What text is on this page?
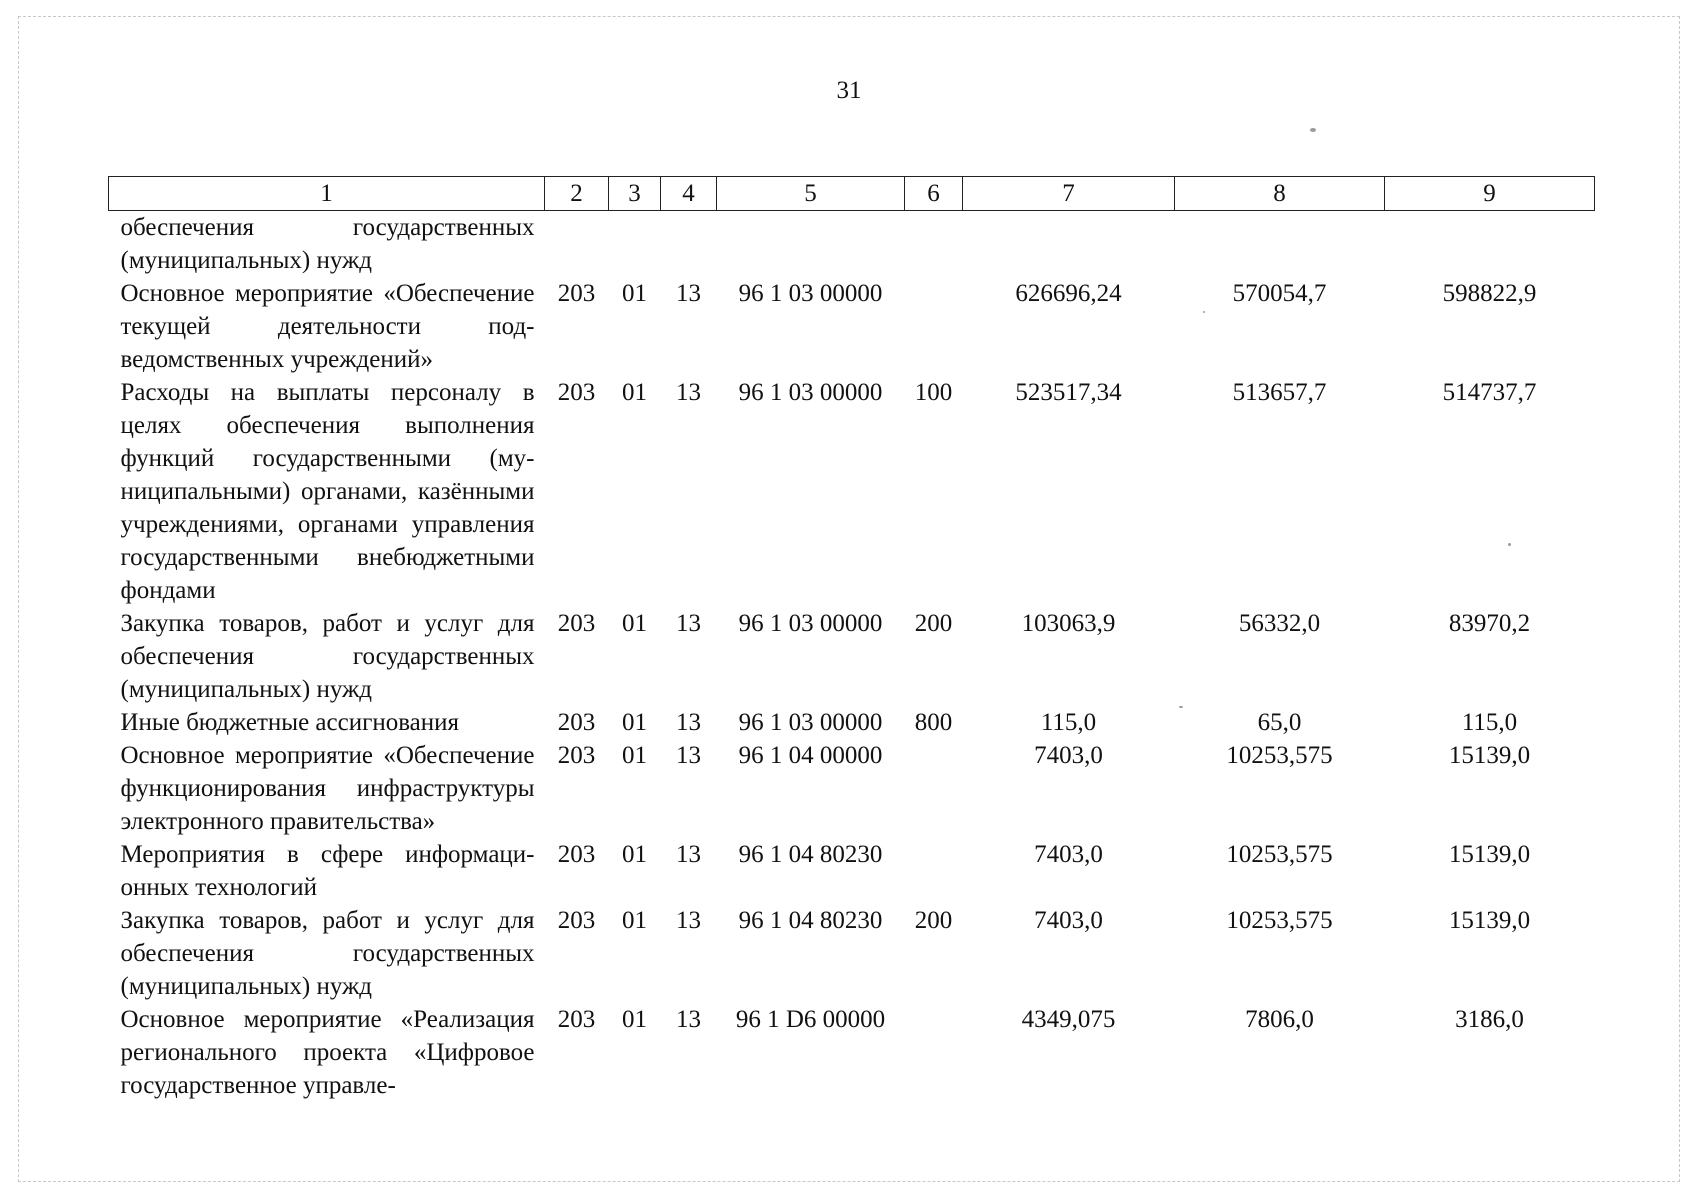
31
1	2	3	4	5	6	7	8	9
обеспечения государственных (муниципальных) нужд								
Основное мероприятие «Обеспечение текущей деятельности подведомственных учреждений»	203	01	13	96 1 03 00000		626696,24	570054,7	598822,9
Расходы на выплаты персоналу в целях обеспечения выполнения функций государственными (муниципальными) органами, казёнными учреждениями, органами управления государственными внебюджетными фондами	203	01	13	96 1 03 00000	100	523517,34	513657,7	514737,7
Закупка товаров, работ и услуг для обеспечения государственных (муниципальных) нужд	203	01	13	96 1 03 00000	200	103063,9	56332,0	83970,2
Иные бюджетные ассигнования	203	01	13	96 1 03 00000	800	115,0	65,0	115,0
Основное мероприятие «Обеспечение функционирования инфраструктуры электронного правительства»	203	01	13	96 1 04 00000		7403,0	10253,575	15139,0
Мероприятия в сфере информационных технологий	203	01	13	96 1 04 80230		7403,0	10253,575	15139,0
Закупка товаров, работ и услуг для обеспечения государственных (муниципальных) нужд	203	01	13	96 1 04 80230	200	7403,0	10253,575	15139,0
Основное мероприятие «Реализация регионального проекта «Цифровое государственное управле-	203	01	13	96 1 D6 00000		4349,075	7806,0	3186,0
